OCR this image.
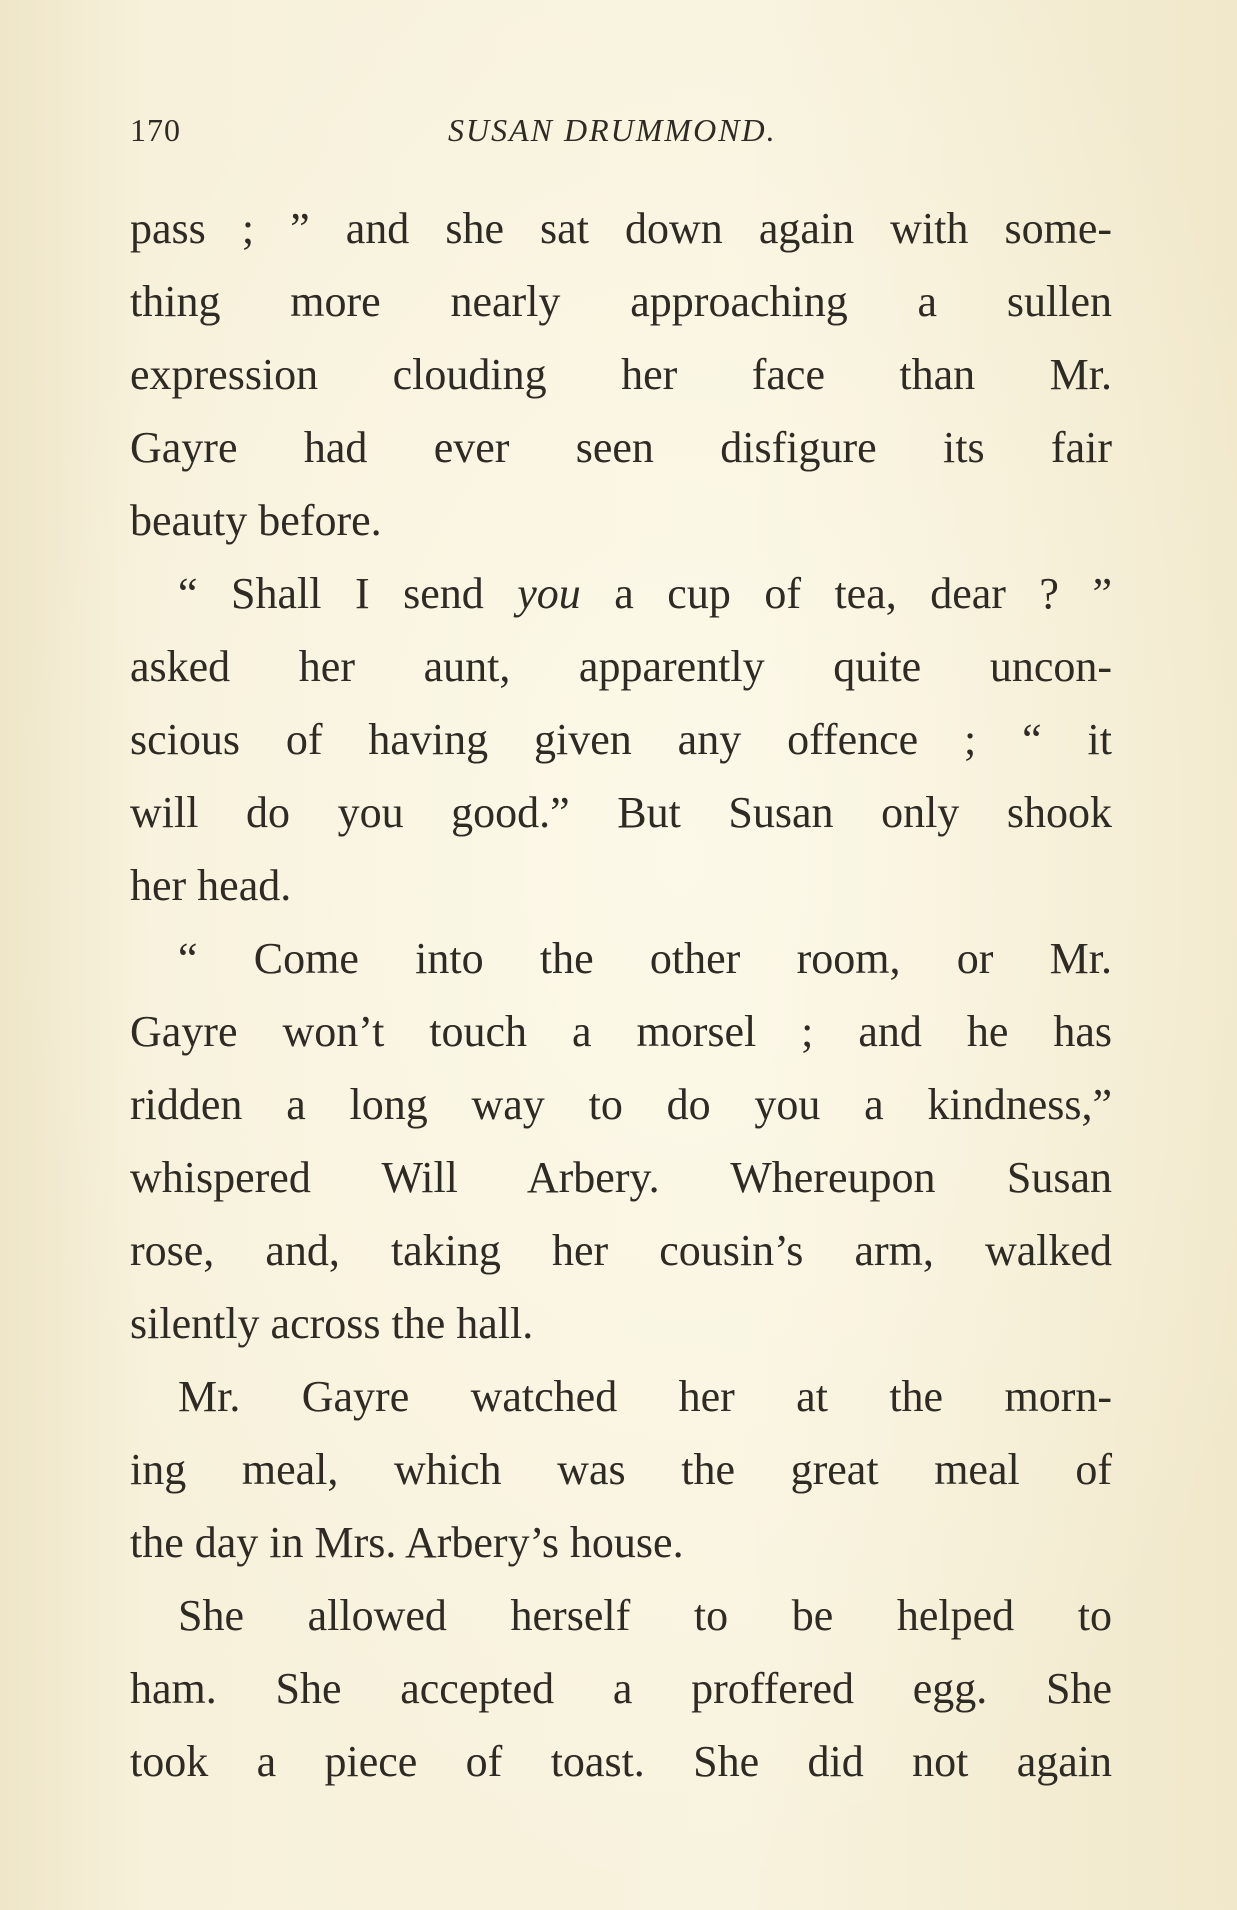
170	SUSAN DRUMMOND.
pass ; ” and she sat down again with some-
thing more nearly approaching a sullen
expression clouding her face than Mr.
Gayre had ever seen disfigure its fair
beauty before.
“ Shall I send you a cup of tea, dear ? ”
asked her aunt, apparently quite uncon-
scious of having given any offence ; “ it
will do you good.” But Susan only shook
her head.
“ Come into the other room, or Mr.
Gayre won’t touch a morsel ; and he has
ridden a long way to do you a kindness,”
whispered Will Arbery. Whereupon Susan
rose, and, taking her cousin’s arm, walked
silently across the hall.
Mr. Gayre watched her at the morn-
ing meal, which was the great meal of
the day in Mrs. Arbery’s house.
She allowed herself to be helped to
ham. She accepted a proffered egg. She
took a piece of toast. She did not again
